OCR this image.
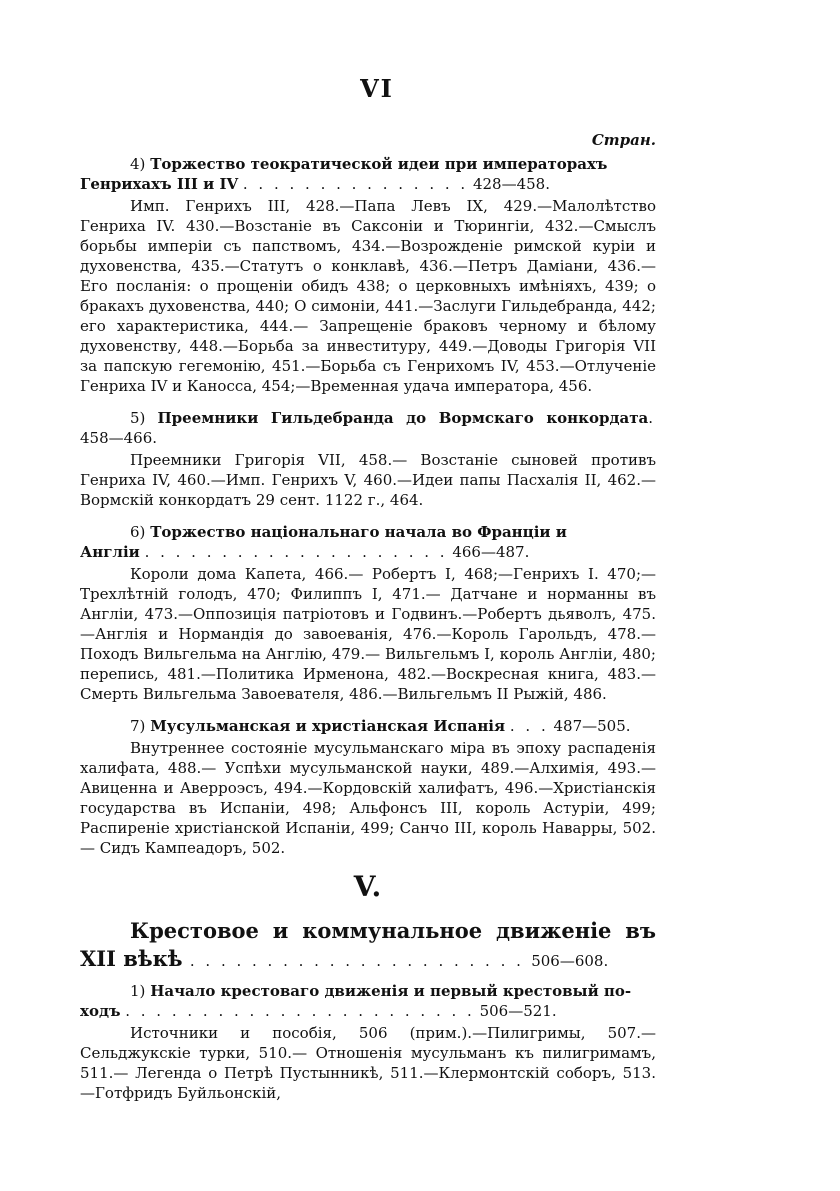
VI
Стран.

4) Торжество теократической идеи при императорахъ

Генрихахъ III и IV . . . . . . . . . . . . . . . 428—458.

Имп. Генрихъ III, 428.—Папа Левъ IX, 429.—Малолѣтство Генриха IV. 430.—Возстаніе въ Саксоніи и Тюрингіи, 432.—Смыслъ борьбы имперіи съ папствомъ, 434.—Возрожденіе римской куріи и духовенства, 435.—Статутъ о конклавѣ, 436.—Петръ Даміани, 436.— Его посланія: о прощеніи обидъ 438; о церковныхъ имѣніяхъ, 439; о бракахъ духовенства, 440; О симоніи, 441.—Заслуги Гильдебранда, 442; его характеристика, 444.— Запрещеніе браковъ черному и бѣлому духовенству, 448.—Борьба за инвеституру, 449.—Доводы Григорія VII за папскую гегемонію, 451.—Борьба съ Генрихомъ IV, 453.—Отлученіе Генриха IV и Каносса, 454;—Временная удача императора, 456.

5) Преемники Гильдебранда до Вормскаго конкордата. 458—466.

Преемники Григорія VII, 458.— Возстаніе сыновей противъ Генриха IV, 460.—Имп. Генрихъ V, 460.—Идеи папы Пасхалія II, 462.—Вормскій конкордатъ 29 сент. 1122 г., 464.

6) Торжество національнаго начала во Франціи и

Англіи . . . . . . . . . . . . . . . . . . . . 466—487.

Короли дома Капета, 466.— Робертъ I, 468;—Генрихъ I. 470;—Трехлѣтній голодъ, 470; Филиппъ I, 471.— Датчане и норманны въ Англіи, 473.—Оппозиція патріотовъ и Годвинъ.—Робертъ дьяволъ, 475.—Англія и Нормандія до завоеванія, 476.—Король Гарольдъ, 478.—Походъ Вильгельма на Англію, 479.— Вильгельмъ I, король Англіи, 480; перепись, 481.—Политика Ирменона, 482.—Воскресная книга, 483.—Смерть Вильгельма Завоевателя, 486.—Вильгельмъ II Рыжій, 486.

7) Мусульманская и христіанская Испанія . . . 487—505.

Внутреннее состояніе мусульманскаго міра въ эпоху распаденія халифата, 488.— Успѣхи мусульманской науки, 489.—Алхимія, 493.—Авиценна и Аверроэсъ, 494.—Кордовскій халифатъ, 496.—Христіанскія государства въ Испаніи, 498; Альфонсъ III, король Астуріи, 499; Распиреніе христіанской Испаніи, 499; Санчо III, король Наварры, 502.— Сидъ Кампеадоръ, 502.

V.
Крестовое и коммунальное движеніе въ XII вѣкѣ . . . . . . . . . . . . . . . . . . . . . . 506—608.

1) Начало крестоваго движенія и первый крестовый по-

ходъ . . . . . . . . . . . . . . . . . . . . . . . 506—521.

Источники и пособія, 506 (прим.).—Пилигримы, 507.— Сельджукскіе турки, 510.— Отношенія мусульманъ къ пилигримамъ, 511.— Легенда о Петрѣ Пустынникѣ, 511.—Клермонтскій соборъ, 513.—Готфридъ Буйльонскій,
